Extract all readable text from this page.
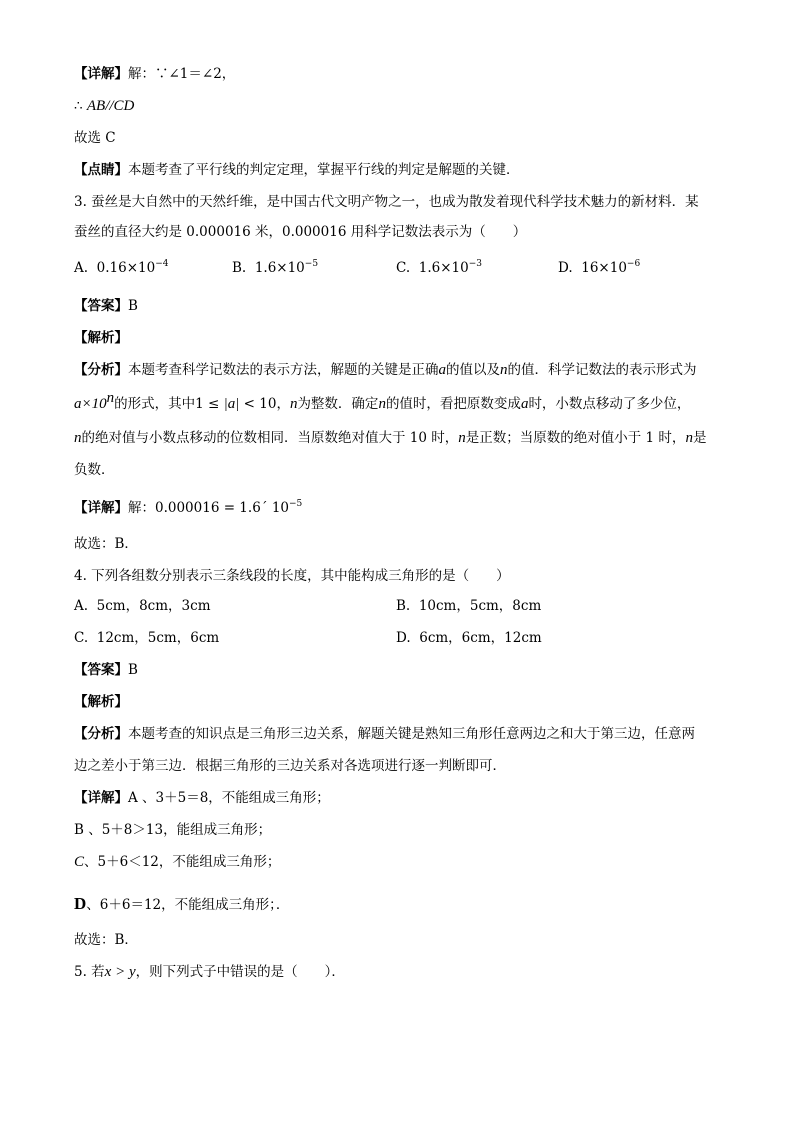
【详解】解：∵∠1＝∠2，
∴ AB//CD
故选 C
【点睛】本题考查了平行线的判定定理，掌握平行线的判定是解题的关键．
3. 蚕丝是大自然中的天然纤维，是中国古代文明产物之一，也成为散发着现代科学技术魅力的新材料．某
蚕丝的直径大约是 0.000016 米，0.000016 用科学记数法表示为（　　）
A. $0.16\times 10^{-4}$	B. $1.6\times 10^{-5}$	C. $1.6\times 10^{-3}$	D. $16\times 10^{-6}$
【答案】B
【解析】
【分析】本题考查科学记数法的表示方法，解题的关键是正确a的值以及n的值．科学记数法的表示形式为
$a\times 10^n$的形式，其中1 ≤ |a| < 10，n为整数．确定n的值时，看把原数变成a时，小数点移动了多少位，
n的绝对值与小数点移动的位数相同．当原数绝对值大于 10 时，n是正数；当原数的绝对值小于 1 时，n是
负数．
【详解】解：0.000016 = 1.6´ $10^{-5}$
故选：B．
4. 下列各组数分别表示三条线段的长度，其中能构成三角形的是（　　）
A. 5cm，8cm，3cm	B. 10cm，5cm，8cm
C. 12cm，5cm，6cm	D. 6cm，6cm，12cm
【答案】B
【解析】
【分析】本题考查的知识点是三角形三边关系，解题关键是熟知三角形任意两边之和大于第三边，任意两
边之差小于第三边．根据三角形的三边关系对各选项进行逐一判断即可．
【详解】A 、3＋5＝8，不能组成三角形；
B 、5＋8＞13，能组成三角形；
C、5＋6＜12，不能组成三角形；
D、6＋6＝12，不能组成三角形；．
故选：B．
5. 若x > y，则下列式子中错误的是（　　）．
